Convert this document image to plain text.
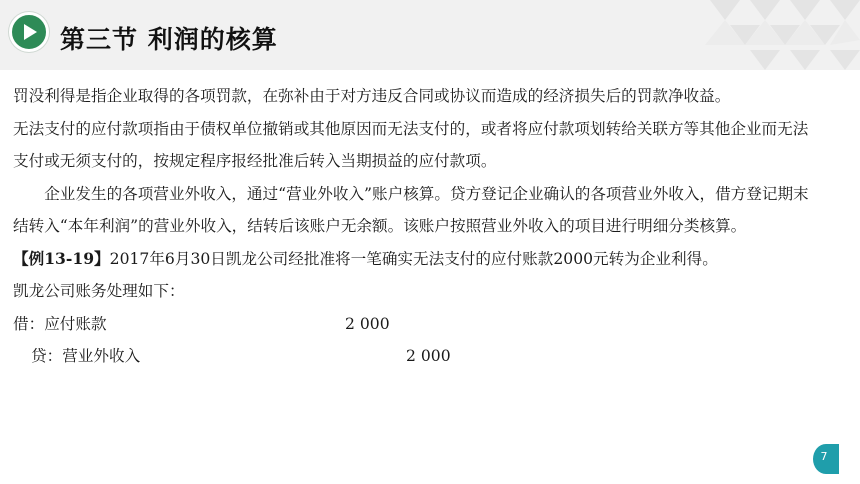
第三节 利润的核算

罚没利得是指企业取得的各项罚款，在弥补由于对方违反合同或协议而造成的经济损失后的罚款净收益。

无法支付的应付款项指由于债权单位撤销或其他原因而无法支付的，或者将应付款项划转给关联方等其他企业而无法支付或无须支付的，按规定程序报经批准后转入当期损益的应付款项。

企业发生的各项营业外收入，通过“营业外收入”账户核算。贷方登记企业确认的各项营业外收入，借方登记期末结转入“本年利润”的营业外收入，结转后该账户无余额。该账户按照营业外收入的项目进行明细分类核算。

【例13-19】2017年6月30日凯龙公司经批准将一笔确实无法支付的应付账款2000元转为企业利得。

凯龙公司账务处理如下：

借：应付账款	2 000
贷：营业外收入	2 000
7
